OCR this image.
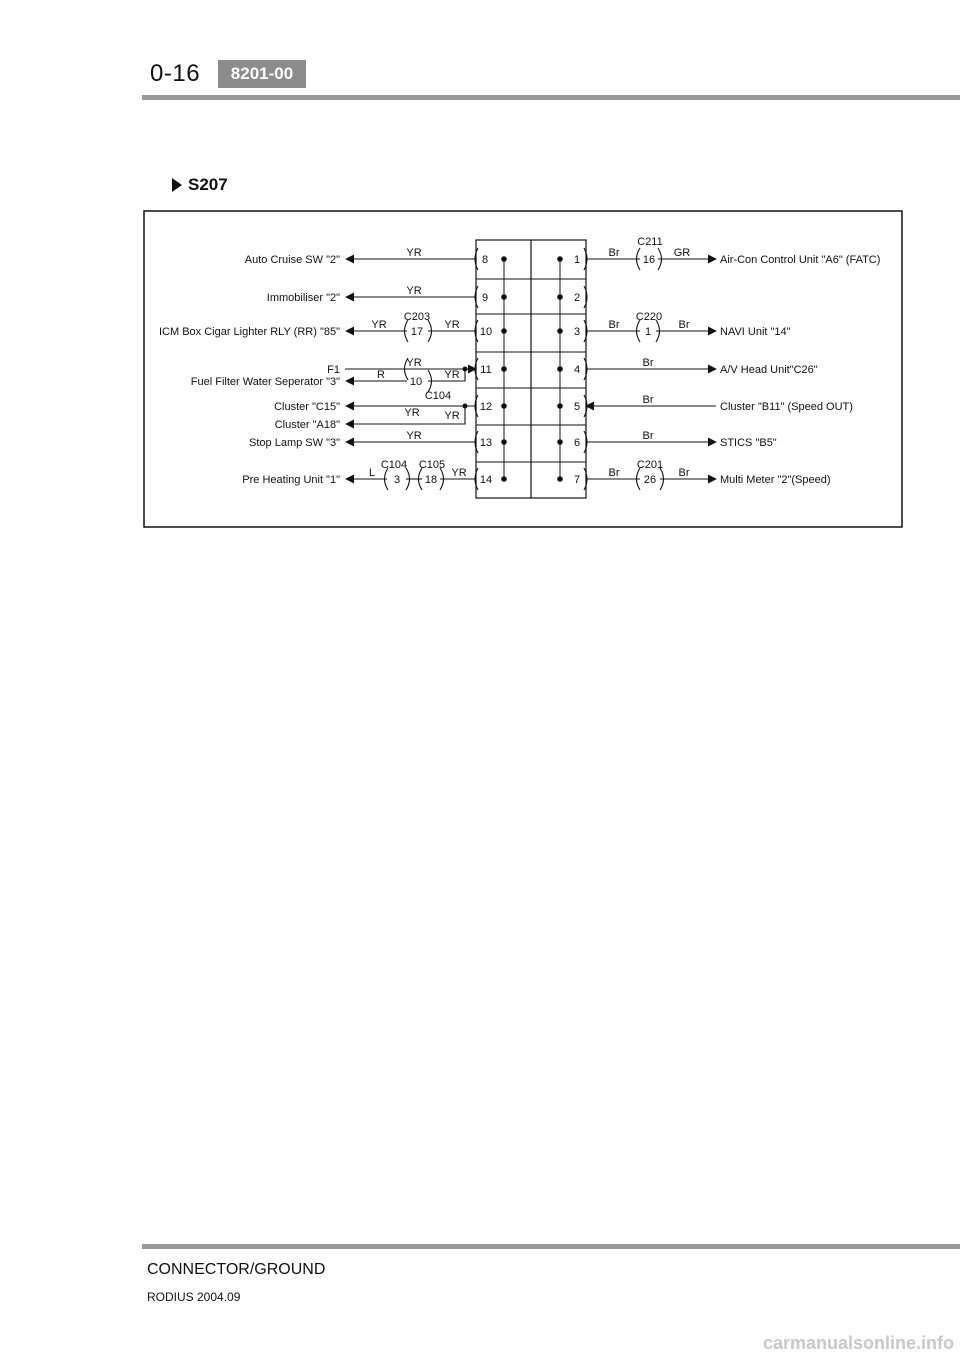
0-16	8201-00
S207
8
9
10
11
12
13
14
1
2
3
4
5
6
7
Auto Cruise SW "2"
Immobiliser "2"
ICM Box Cigar Lighter RLY (RR) "85"
F1
Fuel Filter Water Seperator "3"
Cluster "C15"
Cluster "A18"
Stop Lamp SW "3"
Pre Heating Unit "1"
Air-Con Control Unit "A6" (FATC)
NAVI Unit "14"
A/V Head Unit"C26"
Cluster "B11" (Speed OUT)
STICS "B5"
Multi Meter "2"(Speed)
YR
YR
YR
C203
17
YR
YR
R
10
C104
YR
YR YR
YR
L
C104
3
C105
18
YR
Br
C211
16
GR
Br
C220
1
Br
Br
Br
Br
Br
C201
26
Br
CONNECTOR/GROUND
RODIUS 2004.09
carmanualsonline.info
